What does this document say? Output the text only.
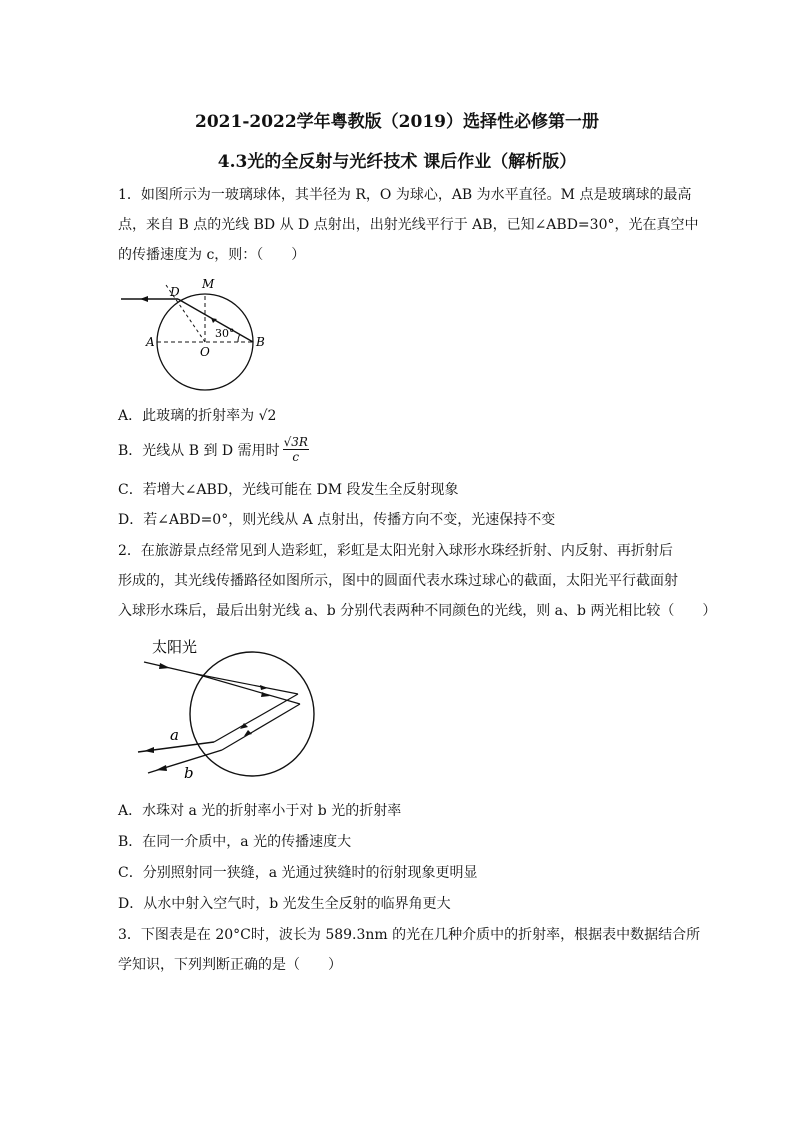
2021-2022学年粤教版（2019）选择性必修第一册
4.3光的全反射与光纤技术 课后作业（解析版）
1．如图所示为一玻璃球体，其半径为 R，O 为球心，AB 为水平直径。M 点是玻璃球的最高
点，来自 B 点的光线 BD 从 D 点射出，出射光线平行于 AB，已知∠ABD=30°，光在真空中
的传播速度为 c，则：（　　）
D
M
A
O
B
30°
A．此玻璃的折射率为 √2
B．光线从 B 到 D 需用时 $\frac{√3R}{c}$
C．若增大∠ABD，光线可能在 DM 段发生全反射现象
D．若∠ABD=0°，则光线从 A 点射出，传播方向不变，光速保持不变
2．在旅游景点经常见到人造彩虹，彩虹是太阳光射入球形水珠经折射、内反射、再折射后
形成的，其光线传播路径如图所示，图中的圆面代表水珠过球心的截面，太阳光平行截面射
入球形水珠后，最后出射光线 a、b 分别代表两种不同颜色的光线，则 a、b 两光相比较（　　）
太阳光
a
b
A．水珠对 a 光的折射率小于对 b 光的折射率
B．在同一介质中，a 光的传播速度大
C．分别照射同一狭缝，a 光通过狭缝时的衍射现象更明显
D．从水中射入空气时，b 光发生全反射的临界角更大
3．下图表是在 20°C时，波长为 589.3nm 的光在几种介质中的折射率，根据表中数据结合所
学知识，下列判断正确的是（　　）
